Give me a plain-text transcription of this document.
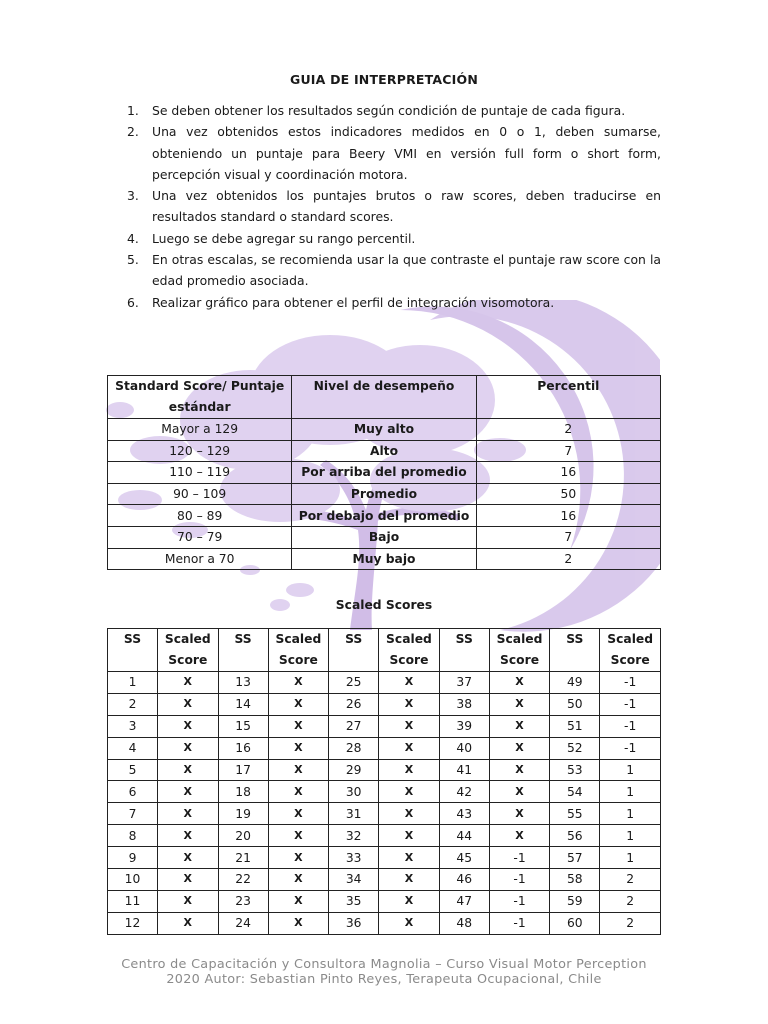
GUIA DE INTERPRETACIÓN
1. Se deben obtener los resultados según condición de puntaje de cada figura.
2. Una vez obtenidos estos indicadores medidos en 0 o 1, deben sumarse, obteniendo un puntaje para Beery VMI en versión full form o short form, percepción visual y coordinación motora.
3. Una vez obtenidos los puntajes brutos o raw scores, deben traducirse en resultados standard o standard scores.
4. Luego se debe agregar su rango percentil.
5. En otras escalas, se recomienda usar la que contraste el puntaje raw score con la edad promedio asociada.
6. Realizar gráfico para obtener el perfil de integración visomotora.
Standard Score/ Puntaje estándar	Nivel de desempeño	Percentil
Mayor a 129	Muy alto	2
120 – 129	Alto	7
110 – 119	Por arriba del promedio	16
90 – 109	Promedio	50
80 – 89	Por debajo del promedio	16
70 – 79	Bajo	7
Menor a 70	Muy bajo	2
Scaled Scores
SS	Scaled Score	SS	Scaled Score	SS	Scaled Score	SS	Scaled Score	SS	Scaled Score
1	X	13	X	25	X	37	X	49	-1
2	X	14	X	26	X	38	X	50	-1
3	X	15	X	27	X	39	X	51	-1
4	X	16	X	28	X	40	X	52	-1
5	X	17	X	29	X	41	X	53	1
6	X	18	X	30	X	42	X	54	1
7	X	19	X	31	X	43	X	55	1
8	X	20	X	32	X	44	X	56	1
9	X	21	X	33	X	45	-1	57	1
10	X	22	X	34	X	46	-1	58	2
11	X	23	X	35	X	47	-1	59	2
12	X	24	X	36	X	48	-1	60	2
Centro de Capacitación y Consultora Magnolia – Curso Visual Motor Perception
2020 Autor: Sebastian Pinto Reyes, Terapeuta Ocupacional, Chile
